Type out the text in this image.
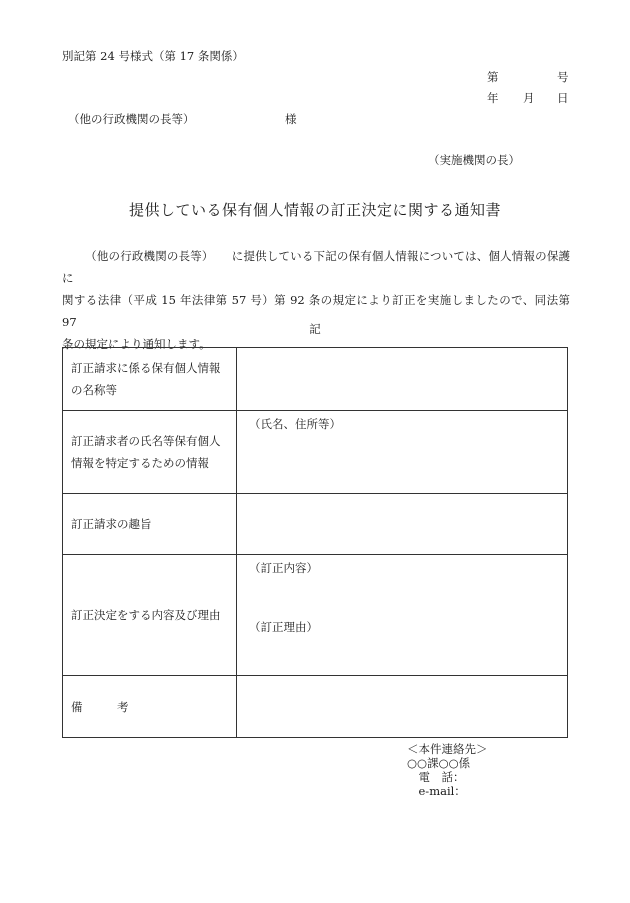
別記第 24 号様式（第 17 条関係）
第	号
年 月 日
（他の行政機関の長等）	様
（実施機関の長）
提供している保有個人情報の訂正決定に関する通知書
（他の行政機関の長等） に提供している下記の保有個人情報については、個人情報の保護に
関する法律（平成 15 年法律第 57 号）第 92 条の規定により訂正を実施しましたので、同法第 97
条の規定により通知します。
記
訂正請求に係る保有個人情報の名称等
訂正請求者の氏名等保有個人情報を特定するための情報
（氏名、住所等）
訂正請求の趣旨
訂正決定をする内容及び理由
（訂正内容）
（訂正理由）
備　　　考
＜本件連絡先＞
○○課○○係
　電　話：
　e-mail：
